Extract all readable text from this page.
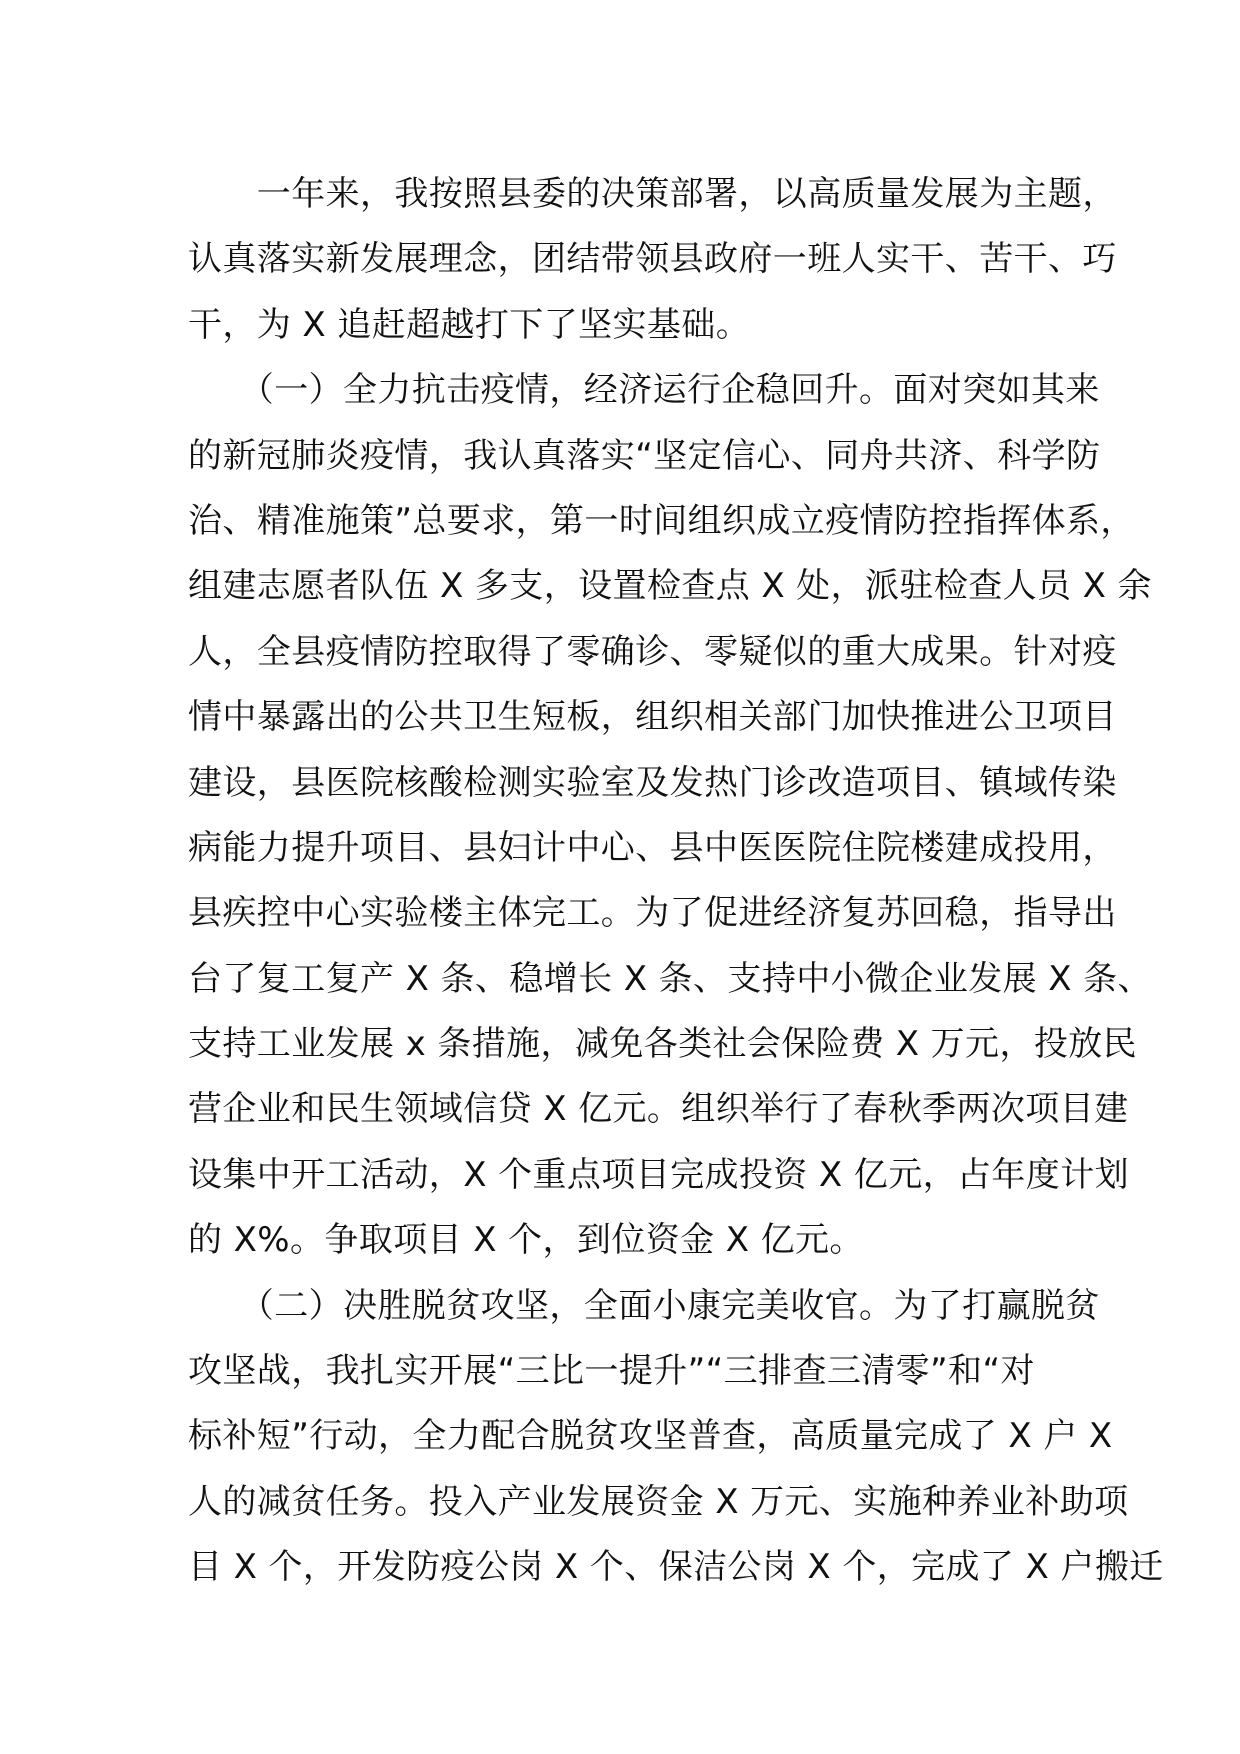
　　一年来，我按照县委的决策部署，以高质量发展为主题，
认真落实新发展理念，团结带领县政府一班人实干、苦干、巧
干，为 X 追赶超越打下了坚实基础。
　　（一）全力抗击疫情，经济运行企稳回升。面对突如其来
的新冠肺炎疫情，我认真落实“坚定信心、同舟共济、科学防
治、精准施策”总要求，第一时间组织成立疫情防控指挥体系，
组建志愿者队伍 X 多支，设置检查点 X 处，派驻检查人员 X 余
人，全县疫情防控取得了零确诊、零疑似的重大成果。针对疫
情中暴露出的公共卫生短板，组织相关部门加快推进公卫项目
建设，县医院核酸检测实验室及发热门诊改造项目、镇域传染
病能力提升项目、县妇计中心、县中医医院住院楼建成投用，
县疾控中心实验楼主体完工。为了促进经济复苏回稳，指导出
台了复工复产 X 条、稳增长 X 条、支持中小微企业发展 X 条、
支持工业发展 x 条措施，减免各类社会保险费 X 万元，投放民
营企业和民生领域信贷 X 亿元。组织举行了春秋季两次项目建
设集中开工活动，X 个重点项目完成投资 X 亿元，占年度计划
的 X%。争取项目 X 个，到位资金 X 亿元。
　　（二）决胜脱贫攻坚，全面小康完美收官。为了打赢脱贫
攻坚战，我扎实开展“三比一提升”“三排查三清零”和“对
标补短”行动，全力配合脱贫攻坚普查，高质量完成了 X 户 X
人的减贫任务。投入产业发展资金 X 万元、实施种养业补助项
目 X 个，开发防疫公岗 X 个、保洁公岗 X 个，完成了 X 户搬迁
